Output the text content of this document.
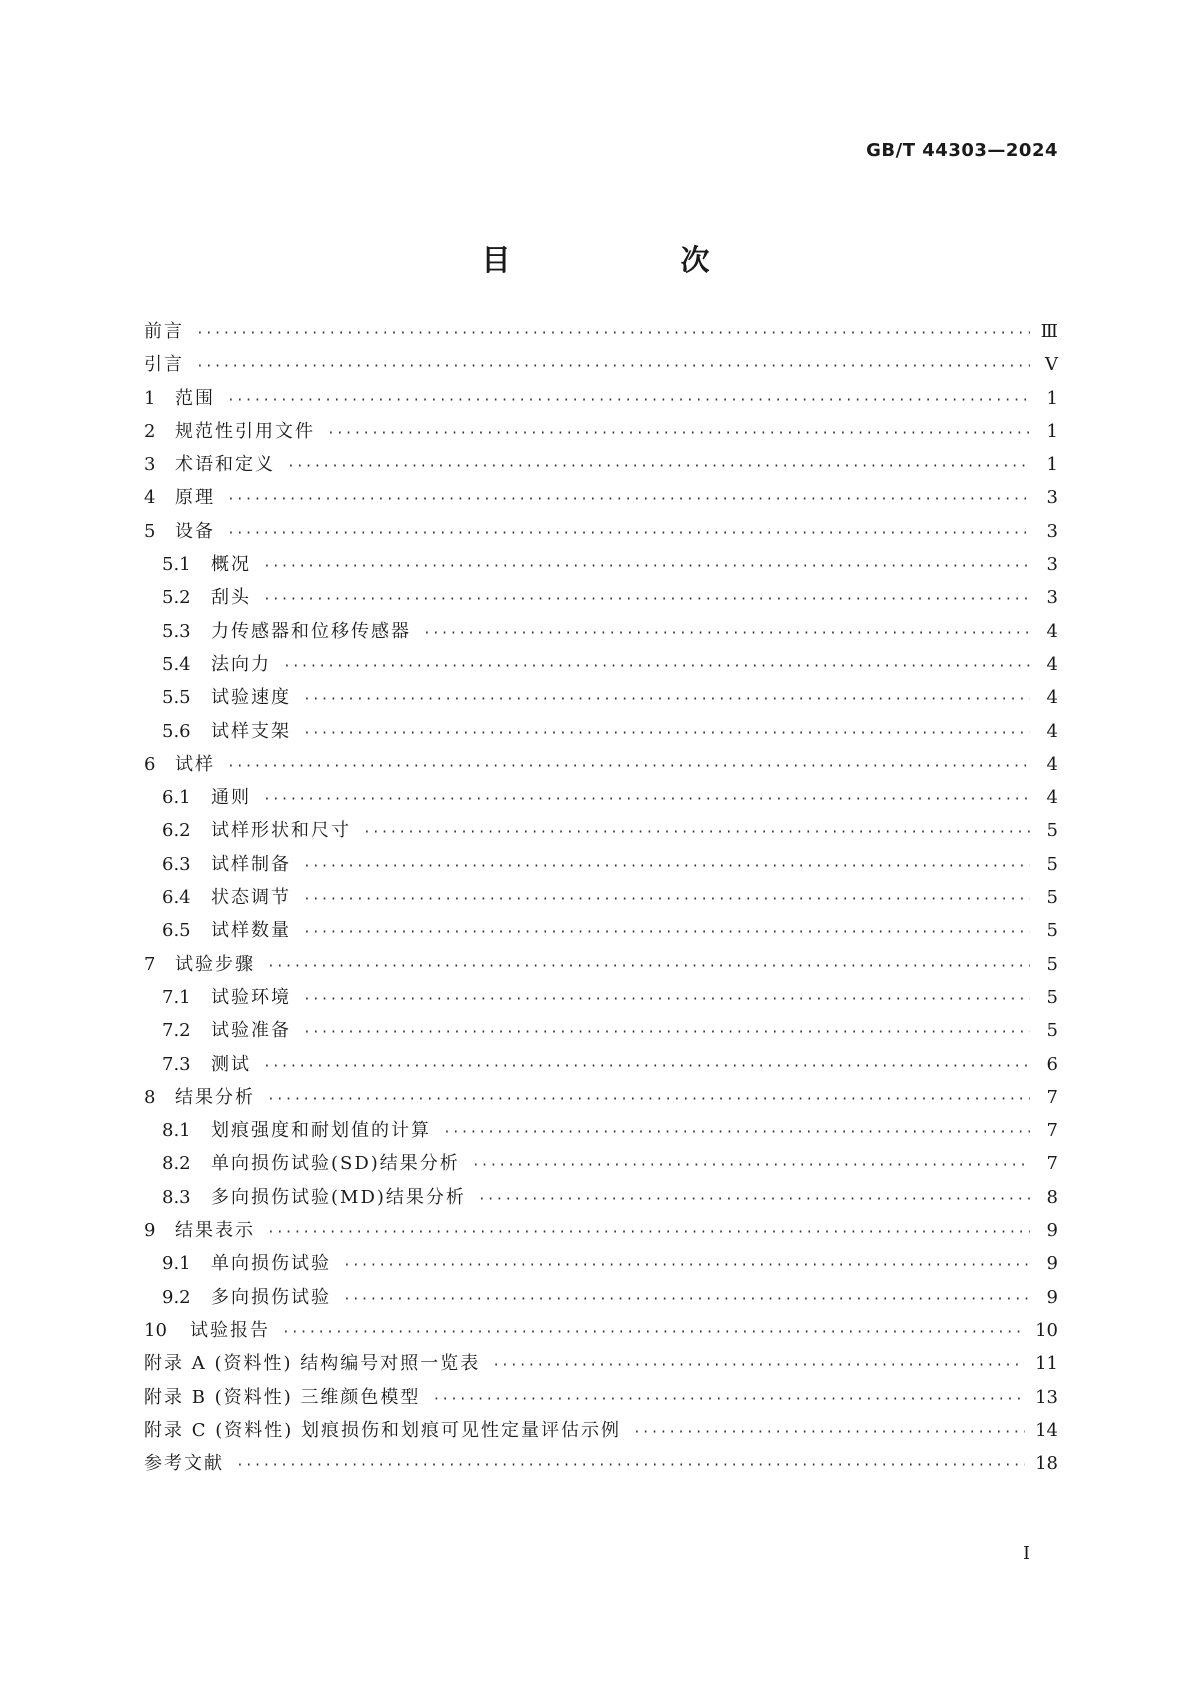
GB/T 44303—2024
目 次
前言 ·····	Ⅲ
引言 ·····	Ⅴ
1	范围 ·····	1
2	规范性引用文件 ·····	1
3	术语和定义 ·····	1
4	原理 ·····	3
5	设备 ·····	3
5.1	概况 ·····	3
5.2	刮头 ·····	3
5.3	力传感器和位移传感器 ·····	4
5.4	法向力 ·····	4
5.5	试验速度 ·····	4
5.6	试样支架 ·····	4
6	试样 ·····	4
6.1	通则 ·····	4
6.2	试样形状和尺寸 ·····	5
6.3	试样制备 ·····	5
6.4	状态调节 ·····	5
6.5	试样数量 ·····	5
7	试验步骤 ·····	5
7.1	试验环境 ·····	5
7.2	试验准备 ·····	5
7.3	测试 ·····	6
8	结果分析 ·····	7
8.1	划痕强度和耐划值的计算 ·····	7
8.2	单向损伤试验(SD)结果分析 ·····	7
8.3	多向损伤试验(MD)结果分析 ·····	8
9	结果表示 ·····	9
9.1	单向损伤试验 ·····	9
9.2	多向损伤试验 ·····	9
10	试验报告 ·····	10
附录 A (资料性) 结构编号对照一览表 ·····	11
附录 B (资料性) 三维颜色模型 ·····	13
附录 C (资料性) 划痕损伤和划痕可见性定量评估示例 ·····	14
参考文献 ·····	18
Ⅰ
